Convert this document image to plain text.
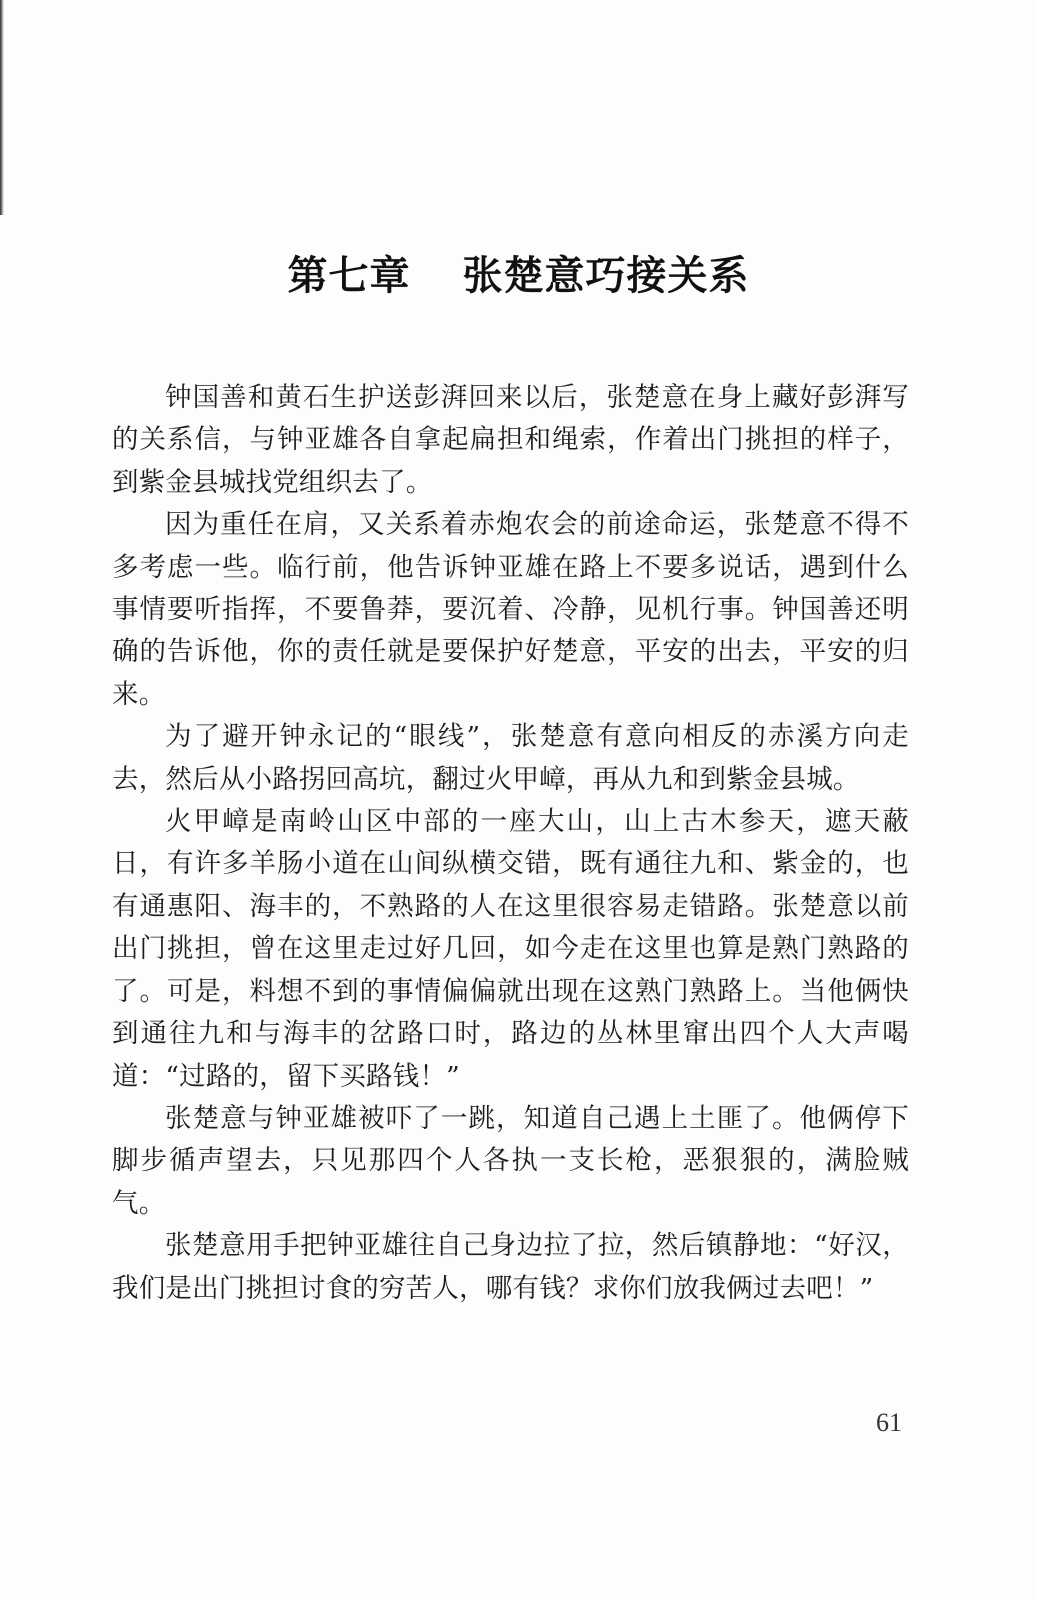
第七章 张楚意巧接关系

钟国善和黄石生护送彭湃回来以后，张楚意在身上藏好彭湃写的关系信，与钟亚雄各自拿起扁担和绳索，作着出门挑担的样子，到紫金县城找党组织去了。

因为重任在肩，又关系着赤炮农会的前途命运，张楚意不得不多考虑一些。临行前，他告诉钟亚雄在路上不要多说话，遇到什么事情要听指挥，不要鲁莽，要沉着、冷静，见机行事。钟国善还明确的告诉他，你的责任就是要保护好楚意，平安的出去，平安的归来。

为了避开钟永记的“眼线”，张楚意有意向相反的赤溪方向走去，然后从小路拐回高坑，翻过火甲嶂，再从九和到紫金县城。

火甲嶂是南岭山区中部的一座大山，山上古木参天，遮天蔽日，有许多羊肠小道在山间纵横交错，既有通往九和、紫金的，也有通惠阳、海丰的，不熟路的人在这里很容易走错路。张楚意以前出门挑担，曾在这里走过好几回，如今走在这里也算是熟门熟路的了。可是，料想不到的事情偏偏就出现在这熟门熟路上。当他俩快到通往九和与海丰的岔路口时，路边的丛林里窜出四个人大声喝道：“过路的，留下买路钱！”

张楚意与钟亚雄被吓了一跳，知道自己遇上土匪了。他俩停下脚步循声望去，只见那四个人各执一支长枪，恶狠狠的，满脸贼气。

张楚意用手把钟亚雄往自己身边拉了拉，然后镇静地：“好汉，我们是出门挑担讨食的穷苦人，哪有钱？求你们放我俩过去吧！”

61
